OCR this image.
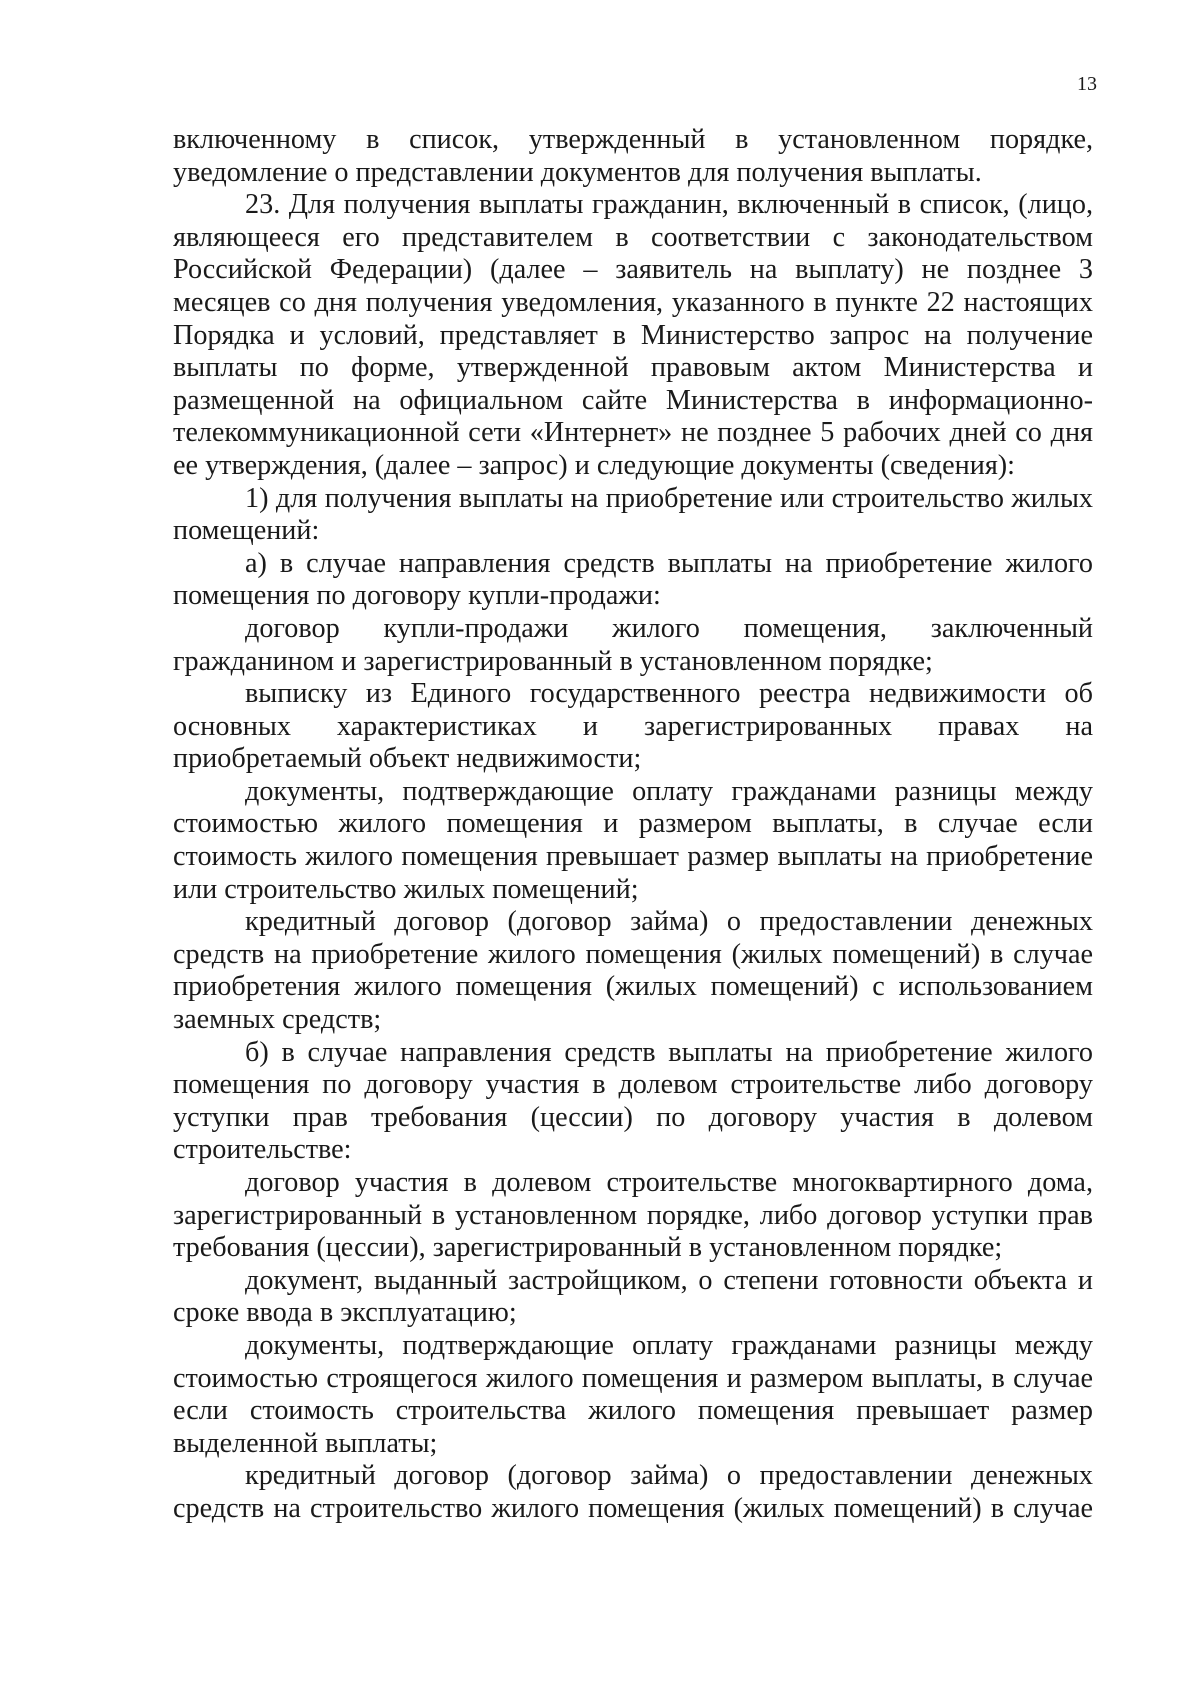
13

включенному в список, утвержденный в установленном порядке, уведомление о представлении документов для получения выплаты.

23. Для получения выплаты гражданин, включенный в список, (лицо, являющееся его представителем в соответствии с законодательством Российской Федерации) (далее – заявитель на выплату) не позднее 3 месяцев со дня получения уведомления, указанного в пункте 22 настоящих Порядка и условий, представляет в Министерство запрос на получение выплаты по форме, утвержденной правовым актом Министерства и размещенной на официальном сайте Министерства в информационно-телекоммуникационной сети «Интернет» не позднее 5 рабочих дней со дня ее утверждения, (далее – запрос) и следующие документы (сведения):

1) для получения выплаты на приобретение или строительство жилых помещений:

а) в случае направления средств выплаты на приобретение жилого помещения по договору купли-продажи:

договор купли-продажи жилого помещения, заключенный гражданином и зарегистрированный в установленном порядке;

выписку из Единого государственного реестра недвижимости об основных характеристиках и зарегистрированных правах на приобретаемый объект недвижимости;

документы, подтверждающие оплату гражданами разницы между стоимостью жилого помещения и размером выплаты, в случае если стоимость жилого помещения превышает размер выплаты на приобретение или строительство жилых помещений;

кредитный договор (договор займа) о предоставлении денежных средств на приобретение жилого помещения (жилых помещений) в случае приобретения жилого помещения (жилых помещений) с использованием заемных средств;

б) в случае направления средств выплаты на приобретение жилого помещения по договору участия в долевом строительстве либо договору уступки прав требования (цессии) по договору участия в долевом строительстве:

договор участия в долевом строительстве многоквартирного дома, зарегистрированный в установленном порядке, либо договор уступки прав требования (цессии), зарегистрированный в установленном порядке;

документ, выданный застройщиком, о степени готовности объекта и сроке ввода в эксплуатацию;

документы, подтверждающие оплату гражданами разницы между стоимостью строящегося жилого помещения и размером выплаты, в случае если стоимость строительства жилого помещения превышает размер выделенной выплаты;

кредитный договор (договор займа) о предоставлении денежных средств на строительство жилого помещения (жилых помещений) в случае
